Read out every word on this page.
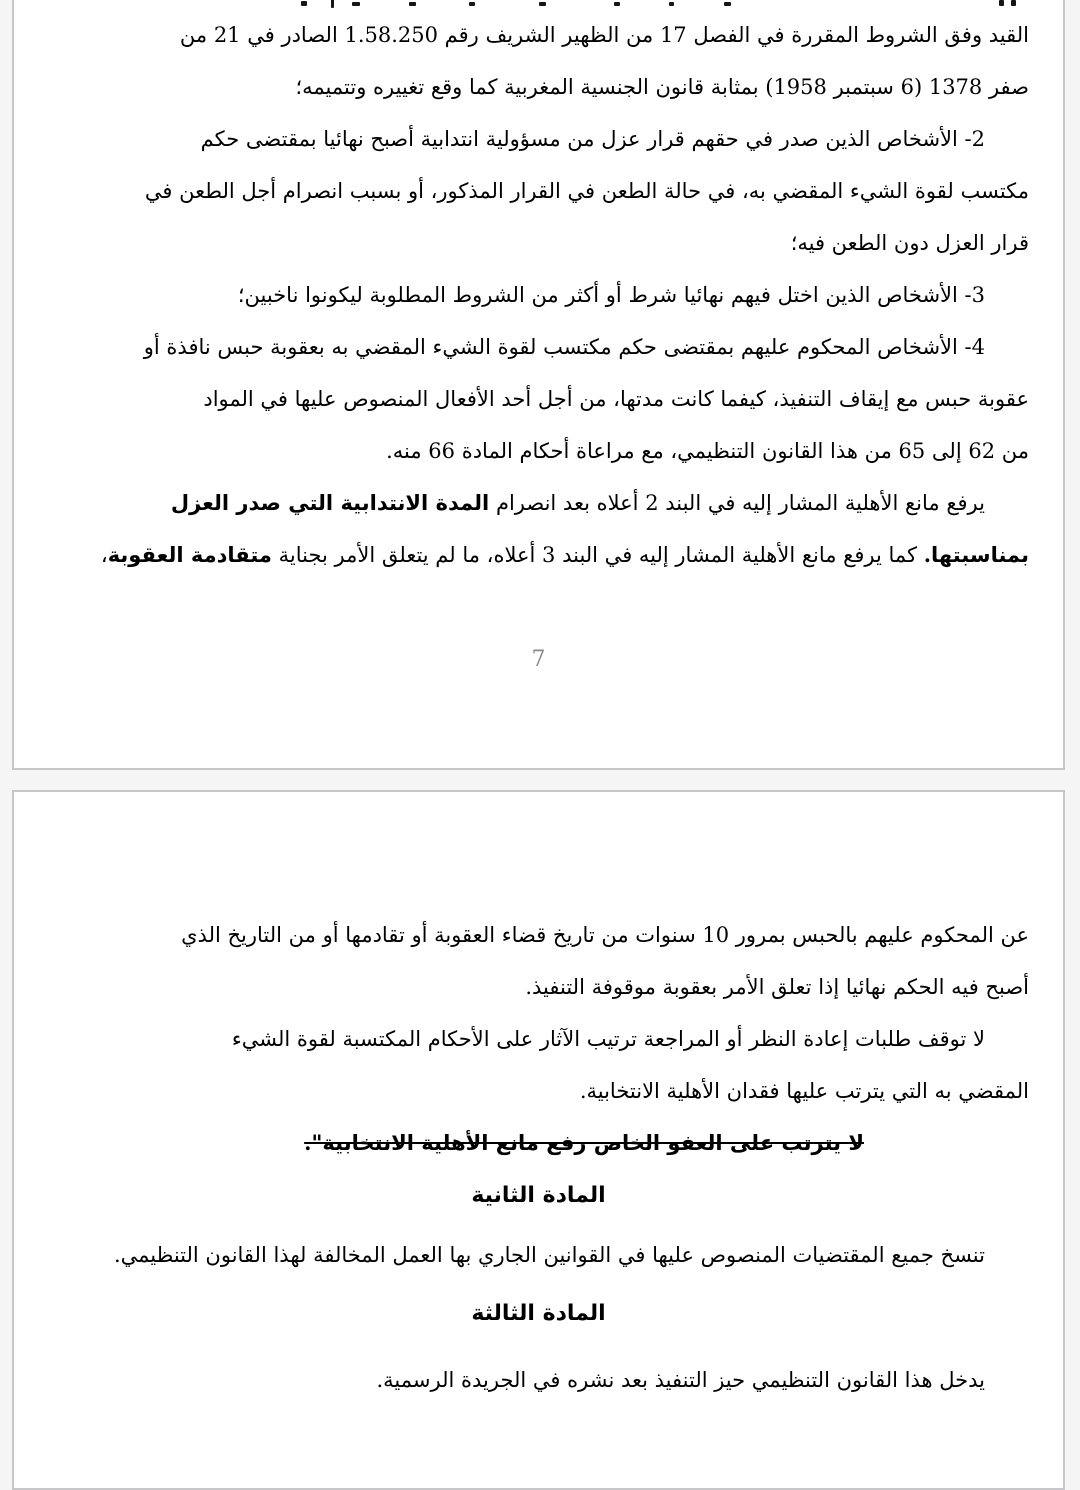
القيد وفق الشروط المقررة في الفصل 17 من الظهير الشريف رقم 1.58.250 الصادر في 21 من
صفر 1378 (6 سبتمبر 1958) بمثابة قانون الجنسية المغربية كما وقع تغييره وتتميمه؛
2- الأشخاص الذين صدر في حقهم قرار عزل من مسؤولية انتدابية أصبح نهائيا بمقتضى حكم
مكتسب لقوة الشيء المقضي به، في حالة الطعن في القرار المذكور، أو بسبب انصرام أجل الطعن في
قرار العزل دون الطعن فيه؛
3- الأشخاص الذين اختل فيهم نهائيا شرط أو أكثر من الشروط المطلوبة ليكونوا ناخبين؛
4- الأشخاص المحكوم عليهم بمقتضى حكم مكتسب لقوة الشيء المقضي به بعقوبة حبس نافذة أو
عقوبة حبس مع إيقاف التنفيذ، كيفما كانت مدتها، من أجل أحد الأفعال المنصوص عليها في المواد
من 62 إلى 65 من هذا القانون التنظيمي، مع مراعاة أحكام المادة 66 منه.
يرفع مانع الأهلية المشار إليه في البند 2 أعلاه بعد انصرام المدة الانتدابية التي صدر العزل
بمناسبتها. كما يرفع مانع الأهلية المشار إليه في البند 3 أعلاه، ما لم يتعلق الأمر بجناية متقادمة العقوبة،
7
عن المحكوم عليهم بالحبس بمرور 10 سنوات من تاريخ قضاء العقوبة أو تقادمها أو من التاريخ الذي
أصبح فيه الحكم نهائيا إذا تعلق الأمر بعقوبة موقوفة التنفيذ.
لا توقف طلبات إعادة النظر أو المراجعة ترتيب الآثار على الأحكام المكتسبة لقوة الشيء
المقضي به التي يترتب عليها فقدان الأهلية الانتخابية.
لا يترتب على العفو الخاص رفع مانع الأهلية الانتخابية".
المادة الثانية
تنسخ جميع المقتضيات المنصوص عليها في القوانين الجاري بها العمل المخالفة لهذا القانون التنظيمي.
المادة الثالثة
يدخل هذا القانون التنظيمي حيز التنفيذ بعد نشره في الجريدة الرسمية.
